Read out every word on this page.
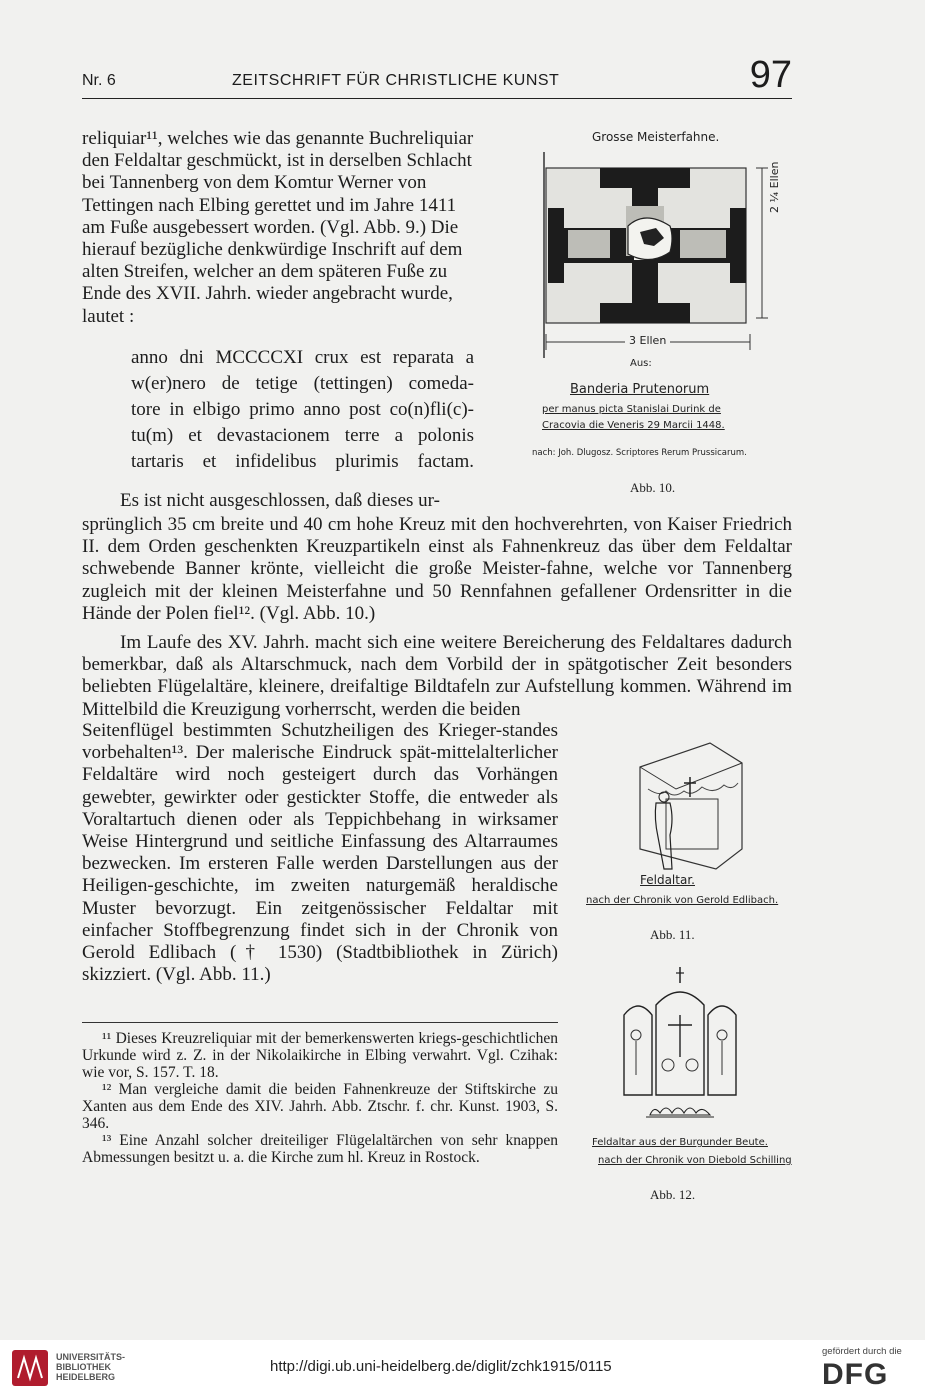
Nr. 6	ZEITSCHRIFT FÜR CHRISTLICHE KUNST	97
reliquiar¹¹, welches wie das genannte Buchreliquiar
den Feldaltar geschmückt, ist in derselben Schlacht
bei Tannenberg von dem Komtur Werner von
Tettingen nach Elbing gerettet und im Jahre 1411
am Fuße ausgebessert worden. (Vgl. Abb. 9.) Die
hierauf bezügliche denkwürdige Inschrift auf dem
alten Streifen, welcher an dem späteren Fuße zu
Ende des XVII. Jahrh. wieder angebracht wurde,
lautet :
anno dni MCCCCXI crux est reparata a
w(er)nero de tetige (tettingen) comeda-
tore in elbigo primo anno post co(n)fli(c)-
tu(m) et devastacionem terre a polonis
tartaris et infidelibus plurimis factam.
Es ist nicht ausgeschlossen, daß dieses ur-
sprünglich 35 cm breite und 40 cm hohe Kreuz mit den hochverehrten, von Kaiser Friedrich II. dem Orden geschenkten Kreuzpartikeln einst als Fahnenkreuz das über dem Feldaltar schwebende Banner krönte, vielleicht die große Meister-fahne, welche vor Tannenberg zugleich mit der kleinen Meisterfahne und 50 Rennfahnen gefallener Ordensritter in die Hände der Polen fiel¹². (Vgl. Abb. 10.)
Im Laufe des XV. Jahrh. macht sich eine weitere Bereicherung des Feldaltares dadurch bemerkbar, daß als Altarschmuck, nach dem Vorbild der in spätgotischer Zeit besonders beliebten Flügelaltäre, kleinere, dreifaltige Bildtafeln zur Aufstellung kommen. Während im Mittelbild die Kreuzigung vorherrscht, werden die beiden
Seitenflügel bestimmten Schutzheiligen des Krieger-standes vorbehalten¹³. Der malerische Eindruck spät-mittelalterlicher Feldaltäre wird noch gesteigert durch das Vorhängen gewebter, gewirkter oder gestickter Stoffe, die entweder als Voraltartuch dienen oder als Teppichbehang in wirksamer Weise Hintergrund und seitliche Einfassung des Altarraumes bezwecken. Im ersteren Falle werden Darstellungen aus der Heiligen-geschichte, im zweiten naturgemäß heraldische Muster bevorzugt. Ein zeitgenössischer Feldaltar mit einfacher Stoffbegrenzung findet sich in der Chronik von Gerold Edlibach († 1530) (Stadtbibliothek in Zürich) skizziert. (Vgl. Abb. 11.)
¹¹ Dieses Kreuzreliquiar mit der bemerkenswerten kriegs-geschichtlichen Urkunde wird z. Z. in der Nikolaikirche in Elbing verwahrt. Vgl. Czihak: wie vor, S. 157. T. 18.
¹² Man vergleiche damit die beiden Fahnenkreuze der Stiftskirche zu Xanten aus dem Ende des XIV. Jahrh. Abb. Ztschr. f. chr. Kunst. 1903, S. 346.
¹³ Eine Anzahl solcher dreiteiliger Flügelaltärchen von sehr knappen Abmessungen besitzt u. a. die Kirche zum hl. Kreuz in Rostock.
Grosse Meisterfahne.
2 ¼ Ellen
3 Ellen
Aus:
Banderia Prutenorum
per manus picta Stanislai Durink de
Cracovia die Veneris 29 Marcii 1448.
nach: Joh. Dlugosz. Scriptores Rerum Prussicarum.
Abb. 10.
Feldaltar.
nach der Chronik von Gerold Edlibach.
Abb. 11.
Feldaltar aus der Burgunder Beute.
nach der Chronik von Diebold Schilling
Abb. 12.
UNIVERSITÄTS-
BIBLIOTHEK
HEIDELBERG
http://digi.ub.uni-heidelberg.de/diglit/zchk1915/0115
gefördert durch die
DFG
